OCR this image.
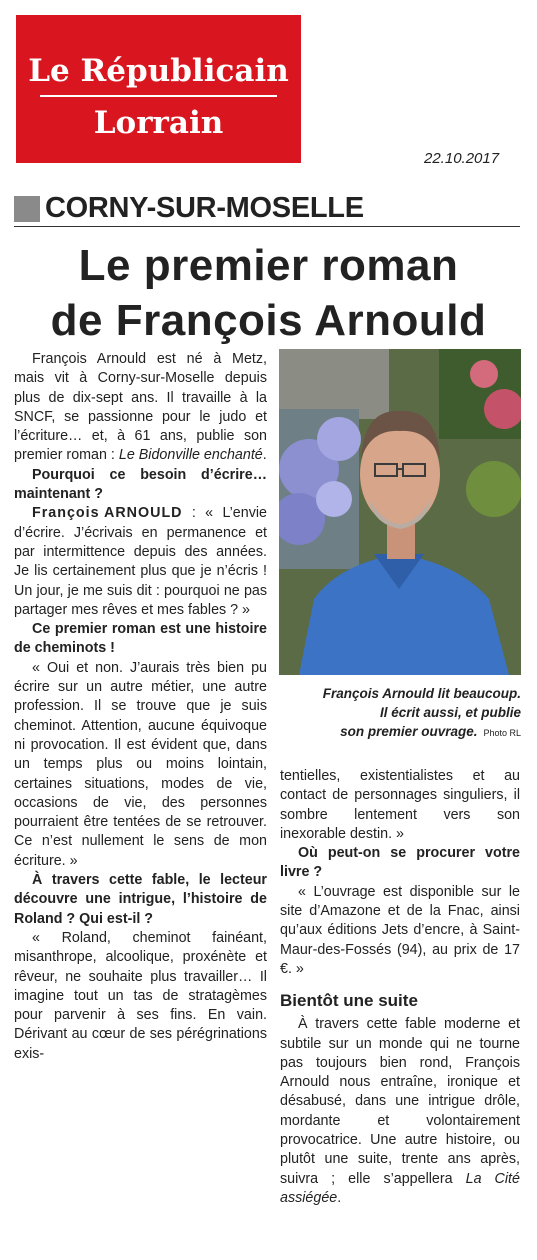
Le Républicain
Lorrain
22.10.2017
CORNY-SUR-MOSELLE
Le premier roman
de François Arnould
François Arnould lit beaucoup.
Il écrit aussi, et publie
son premier ouvrage. Photo RL

François Arnould est né à Metz, mais vit à Corny-sur-Moselle depuis plus de dix-sept ans. Il travaille à la SNCF, se passionne pour le judo et l’écriture… et, à 61 ans, publie son premier roman : Le Bidonville enchanté.

Pourquoi ce besoin d’écrire… maintenant ?

François ARNOULD : « L’envie d’écrire. J’écrivais en permanence et par intermittence depuis des années. Je lis certainement plus que je n’écris ! Un jour, je me suis dit : pourquoi ne pas partager mes rêves et mes fables ? »

Ce premier roman est une histoire de cheminots !

« Oui et non. J’aurais très bien pu écrire sur un autre métier, une autre profession. Il se trouve que je suis cheminot. Attention, aucune équivoque ni provocation. Il est évident que, dans un temps plus ou moins lointain, certaines situations, modes de vie, occasions de vie, des personnes pourraient être tentées de se retrouver. Ce n’est nullement le sens de mon écriture. »

À travers cette fable, le lecteur découvre une intrigue, l’histoire de Roland ? Qui est-il ?

« Roland, cheminot fainéant, misanthrope, alcoolique, proxénète et rêveur, ne souhaite plus travailler… Il imagine tout un tas de stratagèmes pour parvenir à ses fins. En vain. Dérivant au cœur de ses pérégrinations exis-

tentielles, existentialistes et au contact de personnages singuliers, il sombre lentement vers son inexorable destin. »

Où peut-on se procurer votre livre ?

« L’ouvrage est disponible sur le site d’Amazone et de la Fnac, ainsi qu’aux éditions Jets d’encre, à Saint-Maur-des-Fossés (94), au prix de 17 €. »

Bientôt une suite

À travers cette fable moderne et subtile sur un monde qui ne tourne pas toujours bien rond, François Arnould nous entraîne, ironique et désabusé, dans une intrigue drôle, mordante et volontairement provocatrice. Une autre histoire, ou plutôt une suite, trente ans après, suivra ; elle s’appellera La Cité assiégée.
